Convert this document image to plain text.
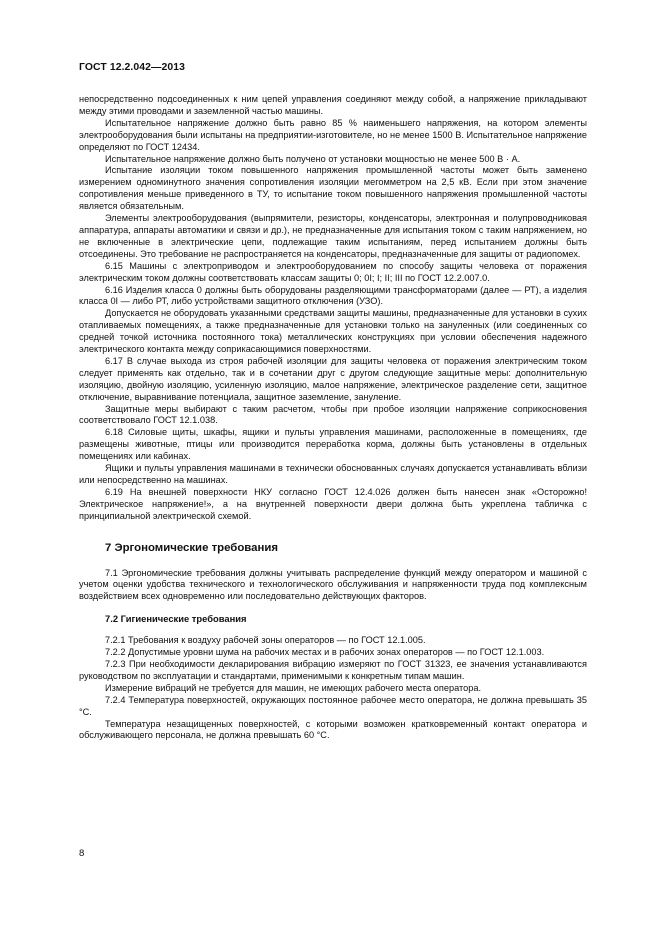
ГОСТ 12.2.042—2013

непосредственно подсоединенных к ним цепей управления соединяют между собой, а напряжение прикладывают между этими проводами и заземленной частью машины.

Испытательное напряжение должно быть равно 85 % наименьшего напряжения, на котором элементы электрооборудования были испытаны на предприятии-изготовителе, но не менее 1500 В. Испытательное напряжение определяют по ГОСТ 12434.

Испытательное напряжение должно быть получено от установки мощностью не менее 500 В · А.

Испытание изоляции током повышенного напряжения промышленной частоты может быть заменено измерением одноминутного значения сопротивления изоляции мегомметром на 2,5 кВ. Если при этом значение сопротивления меньше приведенного в ТУ, то испытание током повышенного напряжения промышленной частоты является обязательным.

Элементы электрооборудования (выпрямители, резисторы, конденсаторы, электронная и полупроводниковая аппаратура, аппараты автоматики и связи и др.), не предназначенные для испытания током с таким напряжением, но не включенные в электрические цепи, подлежащие таким испытаниям, перед испытанием должны быть отсоединены. Это требование не распространяется на конденсаторы, предназначенные для защиты от радиопомех.

6.15 Машины с электроприводом и электрооборудованием по способу защиты человека от поражения электрическим током должны соответствовать классам защиты 0; 0I; I; II; III по ГОСТ 12.2.007.0.

6.16 Изделия класса 0 должны быть оборудованы разделяющими трансформаторами (далее — РТ), а изделия класса 0I — либо РТ, либо устройствами защитного отключения (УЗО).

Допускается не оборудовать указанными средствами защиты машины, предназначенные для установки в сухих отапливаемых помещениях, а также предназначенные для установки только на зануленных (или соединенных со средней точкой источника постоянного тока) металлических конструкциях при условии обеспечения надежного электрического контакта между соприкасающимися поверхностями.

6.17 В случае выхода из строя рабочей изоляции для защиты человека от поражения электрическим током следует применять как отдельно, так и в сочетании друг с другом следующие защитные меры: дополнительную изоляцию, двойную изоляцию, усиленную изоляцию, малое напряжение, электрическое разделение сети, защитное отключение, выравнивание потенциала, защитное заземление, зануление.

Защитные меры выбирают с таким расчетом, чтобы при пробое изоляции напряжение соприкосновения соответствовало ГОСТ 12.1.038.

6.18 Силовые щиты, шкафы, ящики и пульты управления машинами, расположенные в помещениях, где размещены животные, птицы или производится переработка корма, должны быть установлены в отдельных помещениях или кабинах.

Ящики и пульты управления машинами в технически обоснованных случаях допускается устанавливать вблизи или непосредственно на машинах.

6.19 На внешней поверхности НКУ согласно ГОСТ 12.4.026 должен быть нанесен знак «Осторожно! Электрическое напряжение!», а на внутренней поверхности двери должна быть укреплена табличка с принципиальной электрической схемой.

7 Эргономические требования

7.1 Эргономические требования должны учитывать распределение функций между оператором и машиной с учетом оценки удобства технического и технологического обслуживания и напряженности труда под комплексным воздействием всех одновременно или последовательно действующих факторов.

7.2 Гигиенические требования

7.2.1 Требования к воздуху рабочей зоны операторов — по ГОСТ 12.1.005.

7.2.2 Допустимые уровни шума на рабочих местах и в рабочих зонах операторов — по ГОСТ 12.1.003.

7.2.3 При необходимости декларирования вибрацию измеряют по ГОСТ 31323, ее значения устанавливаются руководством по эксплуатации и стандартами, применимыми к конкретным типам машин.

Измерение вибраций не требуется для машин, не имеющих рабочего места оператора.

7.2.4 Температура поверхностей, окружающих постоянное рабочее место оператора, не должна превышать 35 °С.

Температура незащищенных поверхностей, с которыми возможен кратковременный контакт оператора и обслуживающего персонала, не должна превышать 60 °С.

8
